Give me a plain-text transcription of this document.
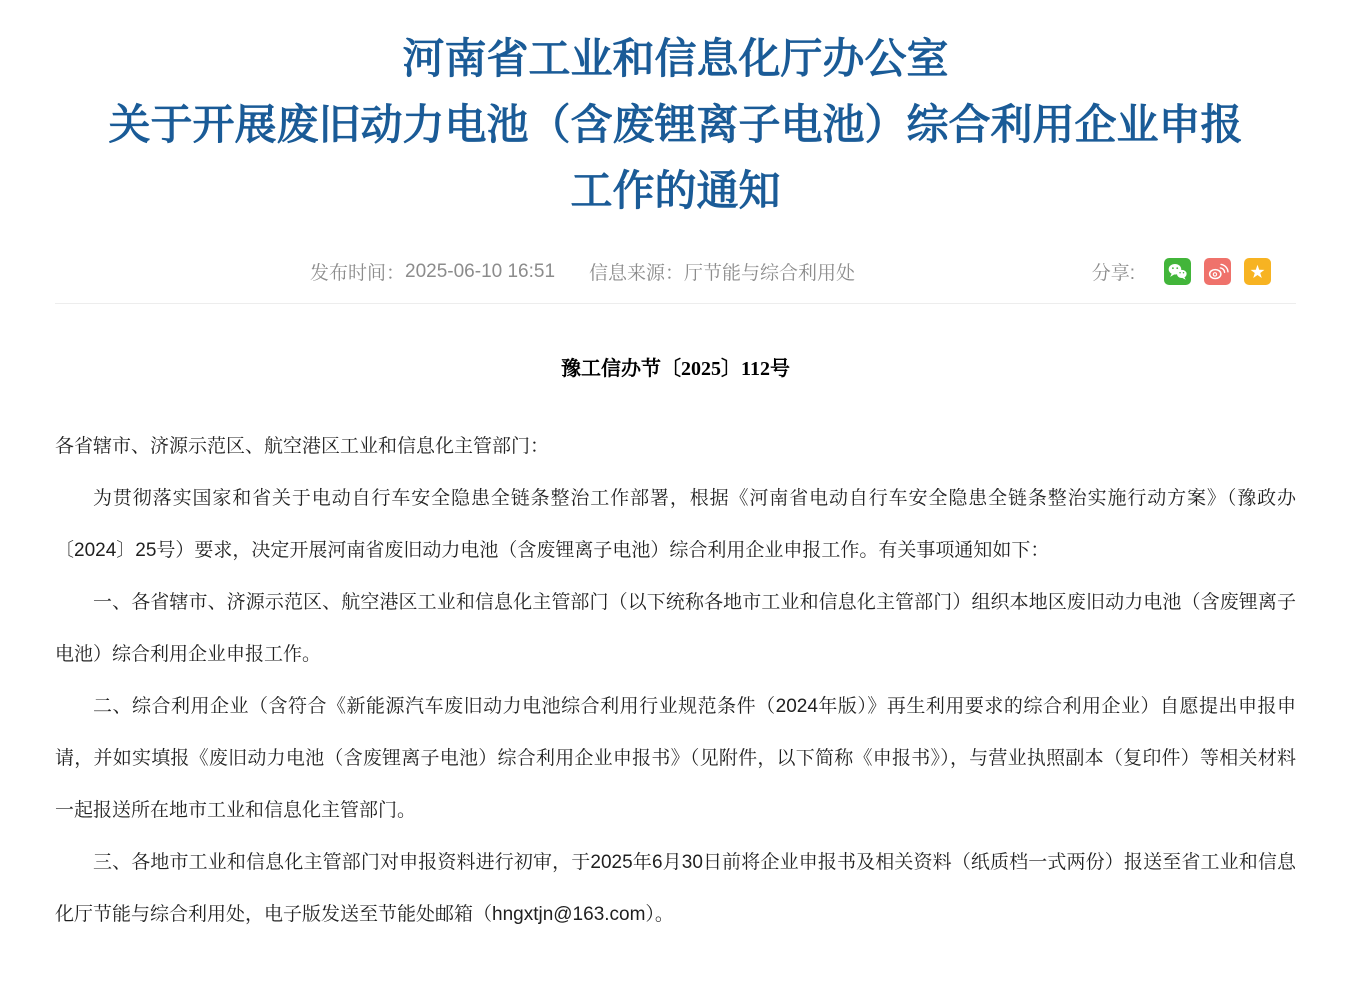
河南省工业和信息化厅办公室
关于开展废旧动力电池（含废锂离子电池）综合利用企业申报
工作的通知
发布时间： 2025-06-10 16:51 信息来源： 厅节能与综合利用处	分享:
豫工信办节〔2025〕112号

各省辖市、济源示范区、航空港区工业和信息化主管部门：

为贯彻落实国家和省关于电动自行车安全隐患全链条整治工作部署，根据《河南省电动自行车安全隐患全链条整治实施行动方案》（豫政办〔2024〕25号）要求，决定开展河南省废旧动力电池（含废锂离子电池）综合利用企业申报工作。有关事项通知如下：

一、各省辖市、济源示范区、航空港区工业和信息化主管部门（以下统称各地市工业和信息化主管部门）组织本地区废旧动力电池（含废锂离子电池）综合利用企业申报工作。

二、综合利用企业（含符合《新能源汽车废旧动力电池综合利用行业规范条件（2024年版）》再生利用要求的综合利用企业）自愿提出申报申请，并如实填报《废旧动力电池（含废锂离子电池）综合利用企业申报书》（见附件，以下简称《申报书》），与营业执照副本（复印件）等相关材料一起报送所在地市工业和信息化主管部门。

三、各地市工业和信息化主管部门对申报资料进行初审，于2025年6月30日前将企业申报书及相关资料（纸质档一式两份）报送至省工业和信息化厅节能与综合利用处，电子版发送至节能处邮箱（hngxtjn@163.com）。
